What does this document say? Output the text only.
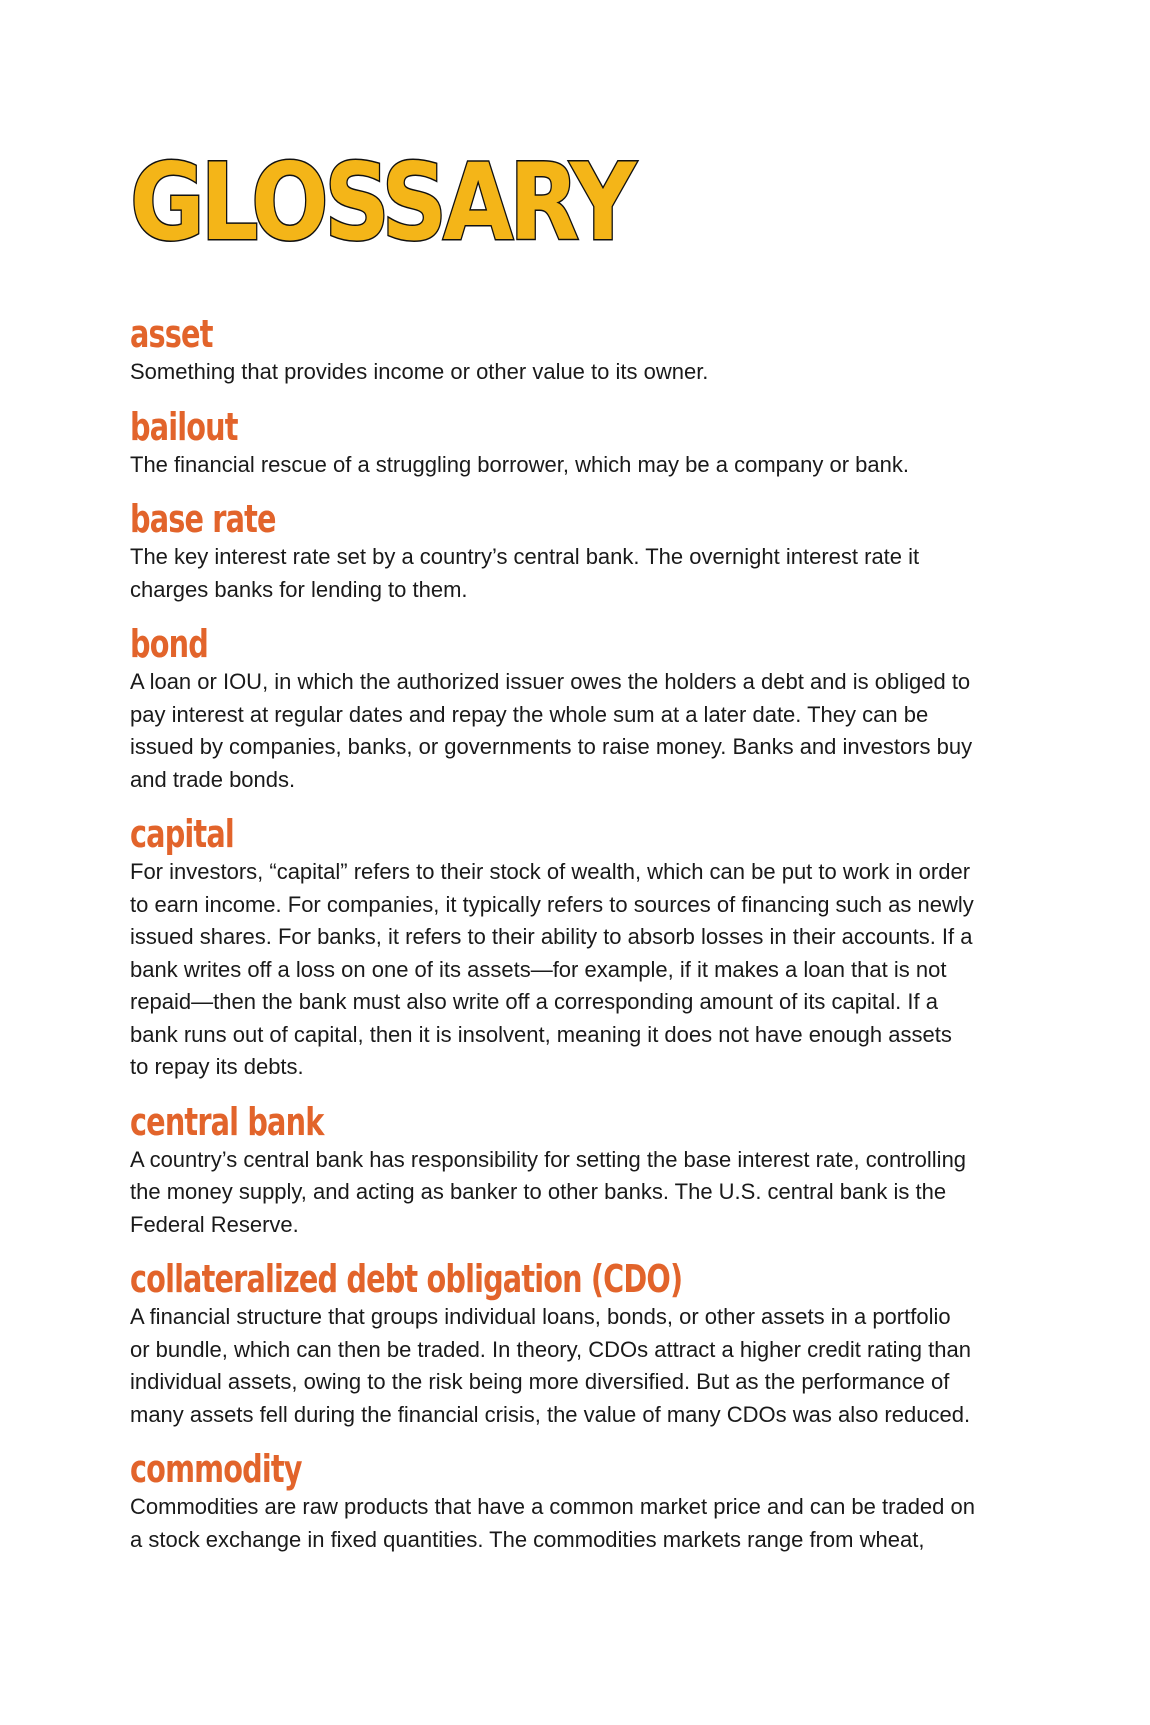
GLOSSARY
asset

Something that provides income or other value to its owner.

bailout

The financial rescue of a struggling borrower, which may be a company or bank.

base rate

The key interest rate set by a country’s central bank. The overnight interest rate it charges banks for lending to them.

bond

A loan or IOU, in which the authorized issuer owes the holders a debt and is obliged to pay interest at regular dates and repay the whole sum at a later date. They can be issued by companies, banks, or governments to raise money. Banks and investors buy and trade bonds.

capital

For investors, “capital” refers to their stock of wealth, which can be put to work in order to earn income. For companies, it typically refers to sources of financing such as newly issued shares. For banks, it refers to their ability to absorb losses in their accounts. If a bank writes off a loss on one of its assets—for example, if it makes a loan that is not repaid—then the bank must also write off a corresponding amount of its capital. If a bank runs out of capital, then it is insolvent, meaning it does not have enough assets to repay its debts.

central bank

A country’s central bank has responsibility for setting the base interest rate, controlling the money supply, and acting as banker to other banks. The U.S. central bank is the Federal Reserve.

collateralized debt obligation (CDO)

A financial structure that groups individual loans, bonds, or other assets in a portfolio or bundle, which can then be traded. In theory, CDOs attract a higher credit rating than individual assets, owing to the risk being more diversified. But as the performance of many assets fell during the financial crisis, the value of many CDOs was also reduced.

commodity

Commodities are raw products that have a common market price and can be traded on a stock exchange in fixed quantities. The commodities markets range from wheat,
